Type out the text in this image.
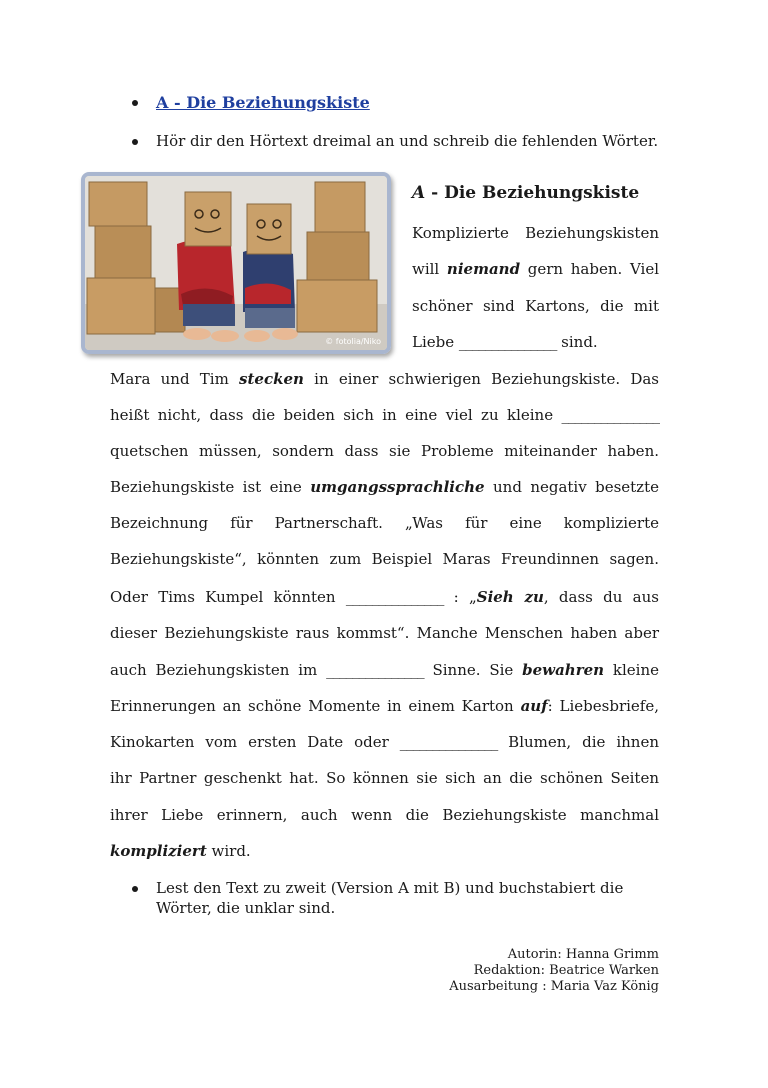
A - Die Beziehungskiste
Hör dir den Hörtext dreimal an und schreib die fehlenden Wörter.
© fotolia/Niko
A - Die Beziehungskiste
Komplizierte Beziehungskisten
will niemand gern haben. Viel
schöner sind Kartons, die mit
Liebe _______________ sind.
Mara und Tim stecken in einer schwierigen Beziehungskiste. Das
heißt nicht, dass die beiden sich in eine viel zu kleine _______________
quetschen müssen, sondern dass sie Probleme miteinander haben.
Beziehungskiste ist eine umgangssprachliche und negativ besetzte
Bezeichnung für Partnerschaft. „Was für eine komplizierte
Beziehungskiste“, könnten zum Beispiel Maras Freundinnen sagen.
Oder Tims Kumpel könnten _______________ : „Sieh zu, dass du aus
dieser Beziehungskiste raus kommst“. Manche Menschen haben aber
auch Beziehungskisten im _______________ Sinne. Sie bewahren kleine
Erinnerungen an schöne Momente in einem Karton auf: Liebesbriefe,
Kinokarten vom ersten Date oder _______________ Blumen, die ihnen
ihr Partner geschenkt hat. So können sie sich an die schönen Seiten
ihrer Liebe erinnern, auch wenn die Beziehungskiste manchmal
kompliziert wird.
Lest den Text zu zweit (Version A mit B) und buchstabiert die Wörter, die unklar sind.
Autorin: Hanna Grimm
Redaktion: Beatrice Warken
Ausarbeitung : Maria Vaz König
